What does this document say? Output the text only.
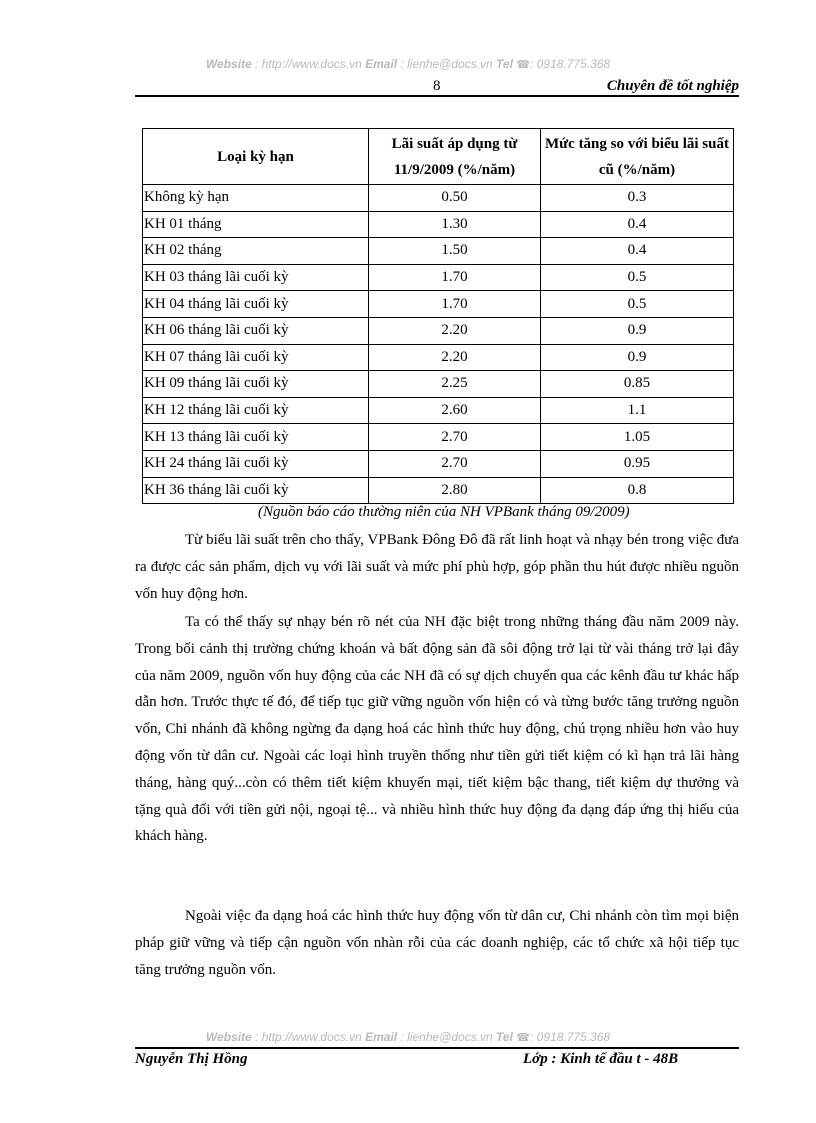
Website : http://www.docs.vn Email : lienhe@docs.vn Tel ☎: 0918.775.368
8	Chuyên đề tốt nghiệp
Loại kỳ hạn	Lãi suất áp dụng từ 11/9/2009 (%/năm)	Mức tăng so với biểu lãi suất cũ (%/năm)
Không kỳ hạn	0.50	0.3
KH 01 tháng	1.30	0.4
KH 02 tháng	1.50	0.4
KH 03 tháng lãi cuối kỳ	1.70	0.5
KH 04 tháng lãi cuối kỳ	1.70	0.5
KH 06 tháng lãi cuối kỳ	2.20	0.9
KH 07 tháng lãi cuối kỳ	2.20	0.9
KH 09 tháng lãi cuối kỳ	2.25	0.85
KH 12 tháng lãi cuối kỳ	2.60	1.1
KH 13 tháng lãi cuối kỳ	2.70	1.05
KH 24 tháng lãi cuối kỳ	2.70	0.95
KH 36 tháng lãi cuối kỳ	2.80	0.8
(Nguồn báo cáo thường niên của NH VPBank tháng 09/2009)

Từ biểu lãi suất trên cho thấy, VPBank Đông Đô đã rất linh hoạt và nhạy bén trong việc đưa ra được các sản phẩm, dịch vụ với lãi suất và mức phí phù hợp, góp phần thu hút được nhiều nguồn vốn huy động hơn.

Ta có thể thấy sự nhạy bén rõ nét của NH đặc biệt trong những tháng đầu năm 2009 này. Trong bối cảnh thị trường chứng khoán và bất động sản đã sôi động trở lại từ vài tháng trở lại đây của năm 2009, nguồn vốn huy động của các NH đã có sự dịch chuyển qua các kênh đầu tư khác hấp dẫn hơn. Trước thực tế đó, để tiếp tục giữ vững nguồn vốn hiện có và từng bước tăng trưởng nguồn vốn, Chi nhánh đã không ngừng đa dạng hoá các hình thức huy động, chú trọng nhiều hơn vào huy động vốn từ dân cư. Ngoài các loại hình truyền thống như tiền gửi tiết kiệm có kì hạn trả lãi hàng tháng, hàng quý...còn có thêm tiết kiệm khuyến mại, tiết kiệm bậc thang, tiết kiệm dự thưởng và tặng quà đối với tiền gửi nội, ngoại tệ... và nhiều hình thức huy động đa dạng đáp ứng thị hiếu của khách hàng.

Ngoài việc đa dạng hoá các hình thức huy động vốn từ dân cư, Chi nhánh còn tìm mọi biện pháp giữ vững và tiếp cận nguồn vốn nhàn rỗi của các doanh nghiệp, các tổ chức xã hội tiếp tục tăng trưởng nguồn vốn.

Website : http://www.docs.vn Email : lienhe@docs.vn Tel ☎: 0918.775.368
Nguyễn Thị Hồng	Lớp : Kinh tế đầu t - 48B
